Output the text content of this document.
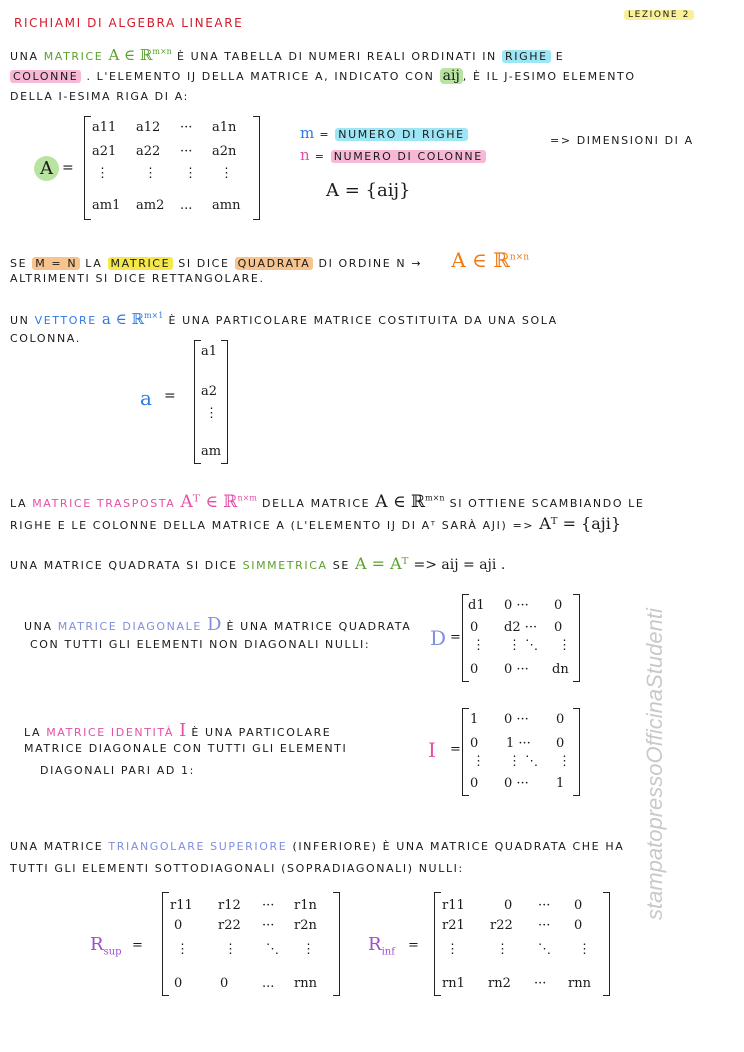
RICHIAMI DI ALGEBRA LINEARE
LEZIONE 2
UNA MATRICE A ∈ ℝ$^{m\times n}$ È UNA TABELLA DI NUMERI REALI ORDINATI IN RIGHE E
COLONNE . L'ELEMENTO IJ DELLA MATRICE A, INDICATO CON aij , È IL J-ESIMO ELEMENTO
DELLA I-ESIMA RIGA DI A:
A =
a11 a12 ··· a1n
a21 a22 ··· a2n
⋮	⋮ ⋮ ⋮
am1 am2 ... amn
m = NUMERO DI RIGHE
n = NUMERO DI COLONNE
=> DIMENSIONI DI A
A = {aij}
SE M = N LA MATRICE SI DICE QUADRATA DI ORDINE N → A ∈ ℝ$^{n\times n}$
ALTRIMENTI SI DICE RETTANGOLARE.
UN VETTORE a ∈ ℝ$^{m\times 1}$ È UNA PARTICOLARE MATRICE COSTITUITA DA UNA SOLA
COLONNA.
a =
a1
a2
⋮
am
LA MATRICE TRASPOSTA Aᵀ ∈ ℝ$^{n\times m}$ DELLA MATRICE A ∈ ℝ$^{m\times n}$ SI OTTIENE SCAMBIANDO LE
RIGHE E LE COLONNE DELLA MATRICE A (L'ELEMENTO IJ DI Aᵀ SARÀ AJI) => Aᵀ = {aji}
UNA MATRICE QUADRATA SI DICE SIMMETRICA SE A = Aᵀ => aij = aji .
UNA MATRICE DIAGONALE D È UNA MATRICE QUADRATA
CON TUTTI GLI ELEMENTI NON DIAGONALI NULLI:	D =
d1 0 ··· 0
0 d2 ··· 0
⋮ ⋮ ⋱ ⋮
0 0 ··· dn
LA MATRICE IDENTITÀ I È UNA PARTICOLARE
MATRICE DIAGONALE CON TUTTI GLI ELEMENTI
DIAGONALI PARI AD 1:
I =
1 0 ··· 0
0 1 ··· 0
⋮ ⋮ ⋱ ⋮
0 0 ··· 1
UNA MATRICE TRIANGOLARE SUPERIORE (INFERIORE) È UNA MATRICE QUADRATA CHE HA
TUTTI GLI ELEMENTI SOTTODIAGONALI (SOPRADIAGONALI) NULLI:
$R_{sup}$ =
r11 r12 ··· r1n
0	r22 ··· r2n
⋮	⋮ ⋱ ⋮
0	0	... rnn
$R_{inf}$ =
r11	0 ··· 0
r21 r22 ··· 0
⋮	⋮ ⋱ ⋮
rn1 rn2 ··· rnn
stampatopressoOfficinaStudenti
